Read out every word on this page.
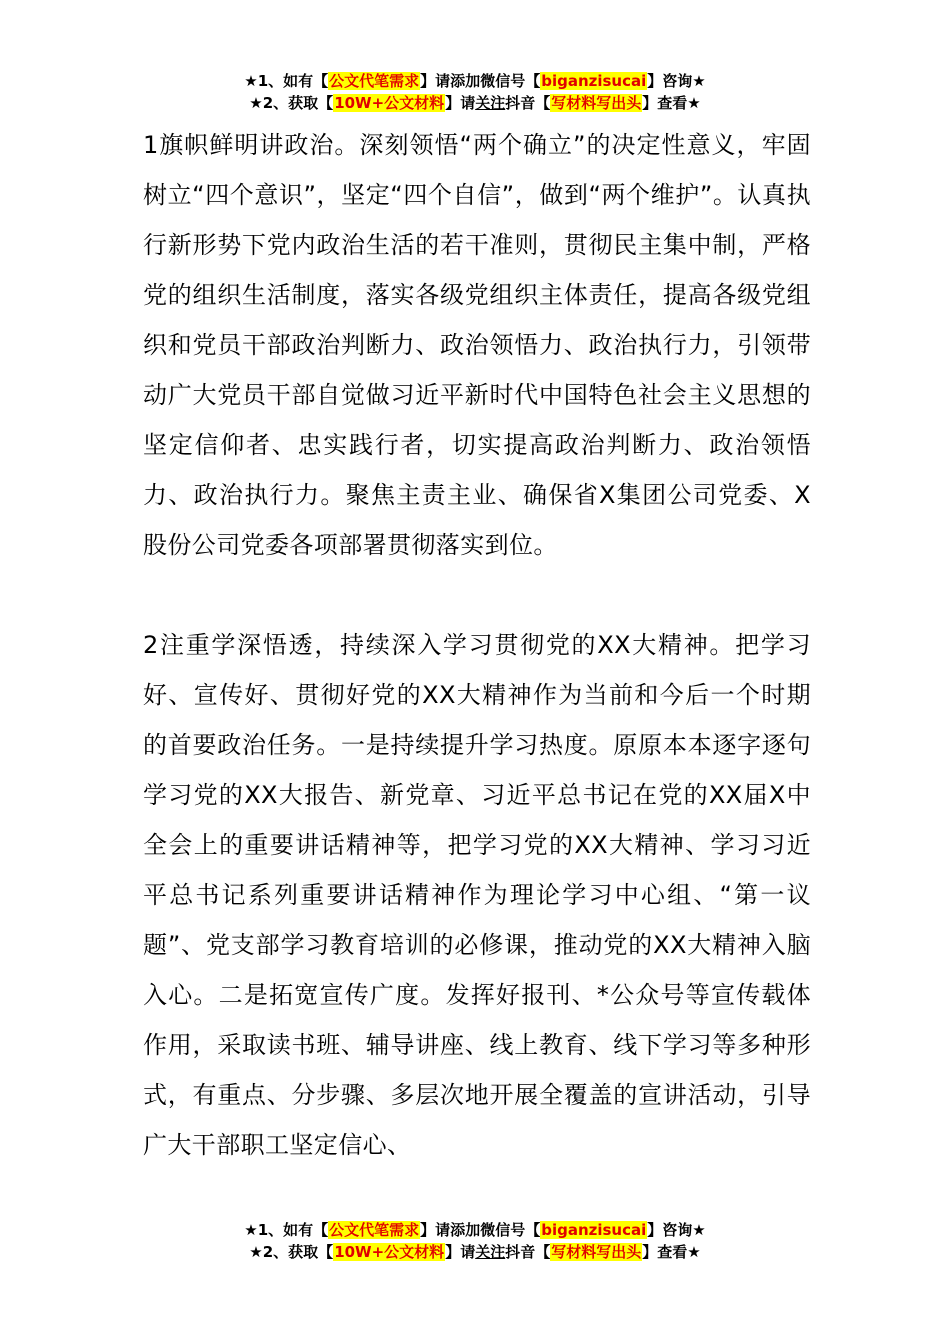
★1、如有【公文代笔需求】请添加微信号【biganzisucai】咨询★
★2、获取【10W+公文材料】请关注抖音【写材料写出头】查看★

1旗帜鲜明讲政治。深刻领悟“两个确立”的决定性意义，牢固树立“四个意识”，坚定“四个自信”，做到“两个维护”。认真执行新形势下党内政治生活的若干准则，贯彻民主集中制，严格党的组织生活制度，落实各级党组织主体责任，提高各级党组织和党员干部政治判断力、政治领悟力、政治执行力，引领带动广大党员干部自觉做习近平新时代中国特色社会主义思想的坚定信仰者、忠实践行者，切实提高政治判断力、政治领悟力、政治执行力。聚焦主责主业、确保省X集团公司党委、X股份公司党委各项部署贯彻落实到位。

2注重学深悟透，持续深入学习贯彻党的XX大精神。把学习好、宣传好、贯彻好党的XX大精神作为当前和今后一个时期的首要政治任务。一是持续提升学习热度。原原本本逐字逐句学习党的XX大报告、新党章、习近平总书记在党的XX届X中全会上的重要讲话精神等，把学习党的XX大精神、学习习近平总书记系列重要讲话精神作为理论学习中心组、“第一议题”、党支部学习教育培训的必修课，推动党的XX大精神入脑入心。二是拓宽宣传广度。发挥好报刊、*公众号等宣传载体作用，采取读书班、辅导讲座、线上教育、线下学习等多种形式，有重点、分步骤、多层次地开展全覆盖的宣讲活动，引导广大干部职工坚定信心、

★1、如有【公文代笔需求】请添加微信号【biganzisucai】咨询★
★2、获取【10W+公文材料】请关注抖音【写材料写出头】查看★
